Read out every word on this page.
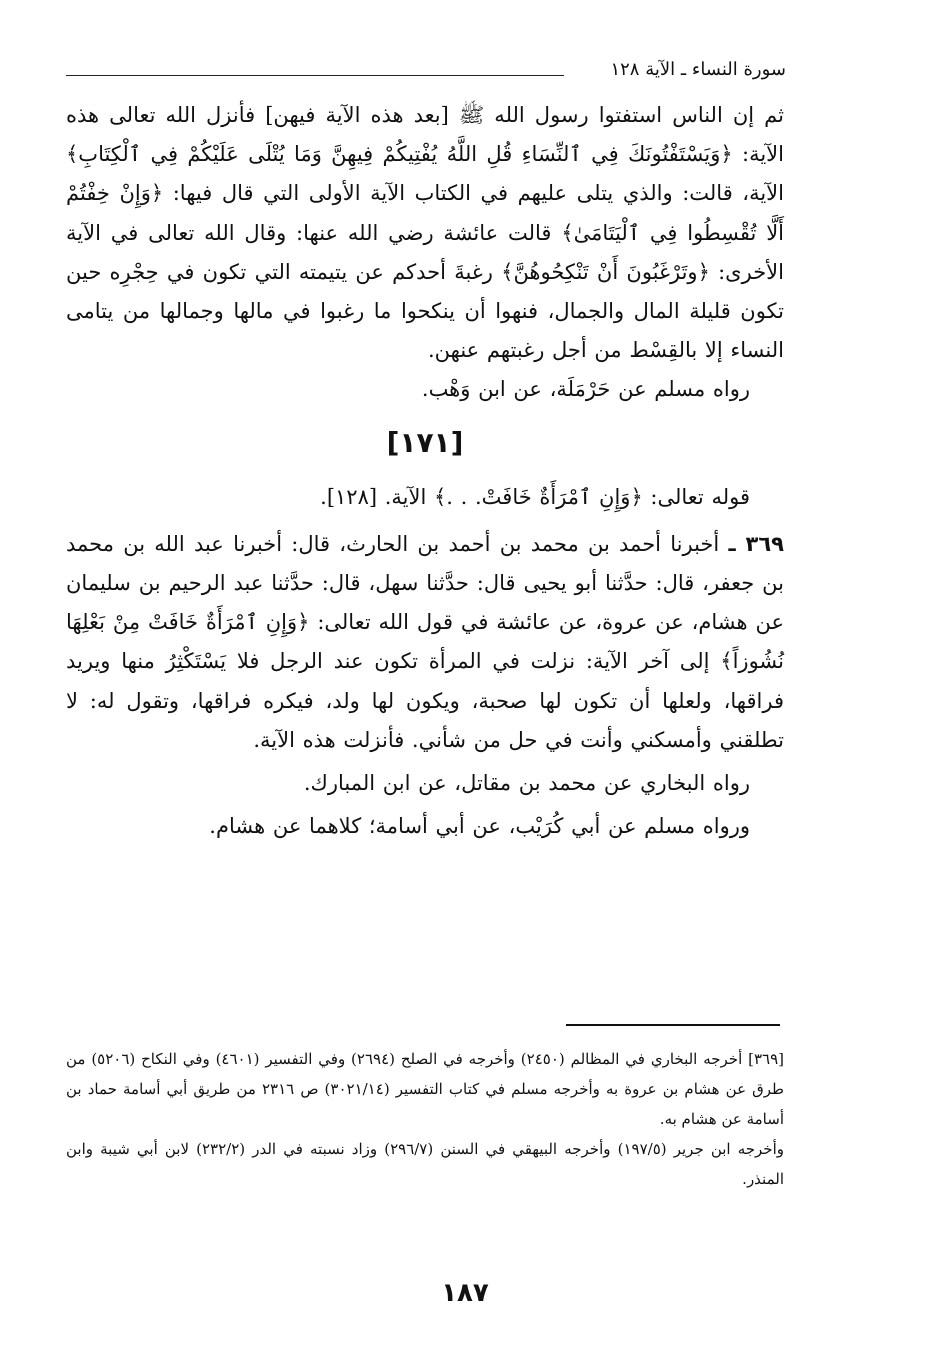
سورة النساء ـ الآية ١٢٨

ثم إن الناس استفتوا رسول الله ﷺ [بعد هذه الآية فيهن] فأنزل الله تعالى هذه الآية: ﴿وَيَسْتَفْتُونَكَ فِي ٱلنِّسَاءِ قُلِ اللَّهُ يُفْتِيكُمْ فِيهِنَّ وَمَا يُتْلَى عَلَيْكُمْ فِي ٱلْكِتَابِ﴾ الآية، قالت: والذي يتلى عليهم في الكتاب الآية الأولى التي قال فيها: ﴿وَإِنْ خِفْتُمْ أَلَّا تُقْسِطُوا فِي ٱلْيَتَامَىٰ﴾ قالت عائشة رضي الله عنها: وقال الله تعالى في الآية الأخرى: ﴿وتَرْغَبُونَ أَنْ تَنْكِحُوهُنَّ﴾ رغبةَ أحدكم عن يتيمته التي تكون في حِجْرِه حين تكون قليلة المال والجمال، فنهوا أن ينكحوا ما رغبوا في مالها وجمالها من يتامى النساء إلا بالقِسْط من أجل رغبتهم عنهن.

رواه مسلم عن حَرْمَلَة، عن ابن وَهْب.

[١٧١]

قوله تعالى: ﴿وَإِنِ ٱمْرَأَةٌ خَافَتْ. . .﴾ الآية. [١٢٨].

٣٦٩ ـ أخبرنا أحمد بن محمد بن أحمد بن الحارث، قال: أخبرنا عبد الله بن محمد بن جعفر، قال: حدَّثنا أبو يحيى قال: حدَّثنا سهل، قال: حدَّثنا عبد الرحيم بن سليمان عن هشام، عن عروة، عن عائشة في قول الله تعالى: ﴿وَإِنِ ٱمْرَأَةٌ خَافَتْ مِنْ بَعْلِهَا نُشُوزاً﴾ إلى آخر الآية: نزلت في المرأة تكون عند الرجل فلا يَسْتَكْثِرُ منها ويريد فراقها، ولعلها أن تكون لها صحبة، ويكون لها ولد، فيكره فراقها، وتقول له: لا تطلقني وأمسكني وأنت في حل من شأني. فأنزلت هذه الآية.

رواه البخاري عن محمد بن مقاتل، عن ابن المبارك.

ورواه مسلم عن أبي كُرَيْب، عن أبي أسامة؛ كلاهما عن هشام.

[٣٦٩] أخرجه البخاري في المظالم (٢٤٥٠) وأخرجه في الصلح (٢٦٩٤) وفي التفسير (٤٦٠١) وفي النكاح (٥٢٠٦) من طرق عن هشام بن عروة به وأخرجه مسلم في كتاب التفسير (٣٠٢١/١٤) ص ٢٣١٦ من طريق أبي أسامة حماد بن أسامة عن هشام به.

وأخرجه ابن جرير (١٩٧/٥) وأخرجه البيهقي في السنن (٢٩٦/٧) وزاد نسبته في الدر (٢٣٢/٢) لابن أبي شيبة وابن المنذر.

١٨٧
